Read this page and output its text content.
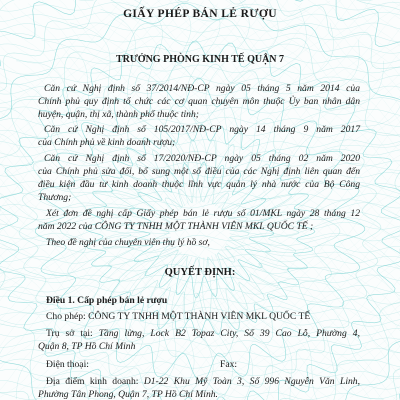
GIẤY PHÉP BÁN LẺ RƯỢU
TRƯỞNG PHÒNG KINH TẾ QUẬN 7
Căn cứ Nghị định số 37/2014/NĐ-CP ngày 05 tháng 5 năm 2014 của
Chính phủ quy định tổ chức các cơ quan chuyên môn thuộc Ủy ban nhân dân
huyện, quận, thị xã, thành phố thuộc tỉnh;
Căn cứ Nghị định số 105/2017/NĐ-CP ngày 14 tháng 9 năm 2017
của Chính phủ về kinh doanh rượu;
Căn cứ Nghị định số 17/2020/NĐ-CP ngày 05 tháng 02 năm 2020
của Chính phủ sửa đổi, bổ sung một số điều của các Nghị định liên quan đến
điều kiện đầu tư kinh doanh thuộc lĩnh vực quản lý nhà nước của Bộ Công
Thương;
Xét đơn đề nghị cấp Giấy phép bán lẻ rượu số 01/MKL ngày 28 tháng 12
năm 2022 của CÔNG TY TNHH MỘT THÀNH VIÊN MKL QUỐC TẾ ;
Theo đề nghị của chuyên viên thụ lý hồ sơ,
QUYẾT ĐỊNH:
Điều 1. Cấp phép bán lẻ rượu
Cho phép: CÔNG TY TNHH MỘT THÀNH VIÊN MKL QUỐC TẾ
Trụ sở tại: Tầng lửng, Lock B2 Topaz City, Số 39 Cao Lỗ, Phường 4,
Quận 8, TP Hồ Chí Minh
Điện thoại:	Fax:
Địa điểm kinh doanh: D1-22 Khu Mỹ Toàn 3, Số 996 Nguyễn Văn Linh,
Phường Tân Phong, Quận 7, TP Hồ Chí Minh.
